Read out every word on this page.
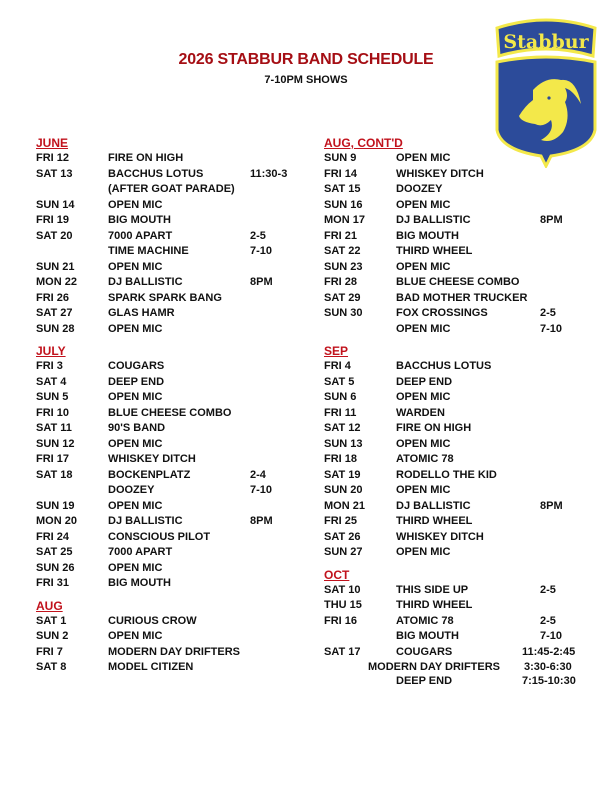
2026 STABBUR BAND SCHEDULE
7-10PM SHOWS
Stabbur
JUNE
FRI 12	FIRE ON HIGH
SAT 13	BACCHUS LOTUS	11:30-3
(AFTER GOAT PARADE)
SUN 14	OPEN MIC
FRI 19	BIG MOUTH
SAT 20	7000 APART	2-5
TIME MACHINE	7-10
SUN 21	OPEN MIC
MON 22	DJ BALLISTIC	8PM
FRI 26	SPARK SPARK BANG
SAT 27	GLAS HAMR
SUN 28	OPEN MIC
JULY
FRI 3	COUGARS
SAT 4	DEEP END
SUN 5	OPEN MIC
FRI 10	BLUE CHEESE COMBO
SAT 11	90'S BAND
SUN 12	OPEN MIC
FRI 17	WHISKEY DITCH
SAT 18	BOCKENPLATZ	2-4
DOOZEY	7-10
SUN 19	OPEN MIC
MON 20	DJ BALLISTIC	8PM
FRI 24	CONSCIOUS PILOT
SAT 25	7000 APART
SUN 26	OPEN MIC
FRI 31	BIG MOUTH
AUG
SAT 1	CURIOUS CROW
SUN 2	OPEN MIC
FRI 7	MODERN DAY DRIFTERS
SAT 8	MODEL CITIZEN
AUG, CONT'D
SUN 9	OPEN MIC
FRI 14	WHISKEY DITCH
SAT 15	DOOZEY
SUN 16	OPEN MIC
MON 17	DJ BALLISTIC	8PM
FRI 21	BIG MOUTH
SAT 22	THIRD WHEEL
SUN 23	OPEN MIC
FRI 28	BLUE CHEESE COMBO
SAT 29	BAD MOTHER TRUCKER
SUN 30	FOX CROSSINGS	2-5
OPEN MIC	7-10
SEP
FRI 4	BACCHUS LOTUS
SAT 5	DEEP END
SUN 6	OPEN MIC
FRI 11	WARDEN
SAT 12	FIRE ON HIGH
SUN 13	OPEN MIC
FRI 18	ATOMIC 78
SAT 19	RODELLO THE KID
SUN 20	OPEN MIC
MON 21	DJ BALLISTIC	8PM
FRI 25	THIRD WHEEL
SAT 26	WHISKEY DITCH
SUN 27	OPEN MIC
OCT
SAT 10	THIS SIDE UP	2-5
THU 15	THIRD WHEEL
FRI 16	ATOMIC 78	2-5
BIG MOUTH	7-10
SAT 17	COUGARS	11:45-2:45
MODERN DAY DRIFTERS 3:30-6:30
DEEP END	7:15-10:30
